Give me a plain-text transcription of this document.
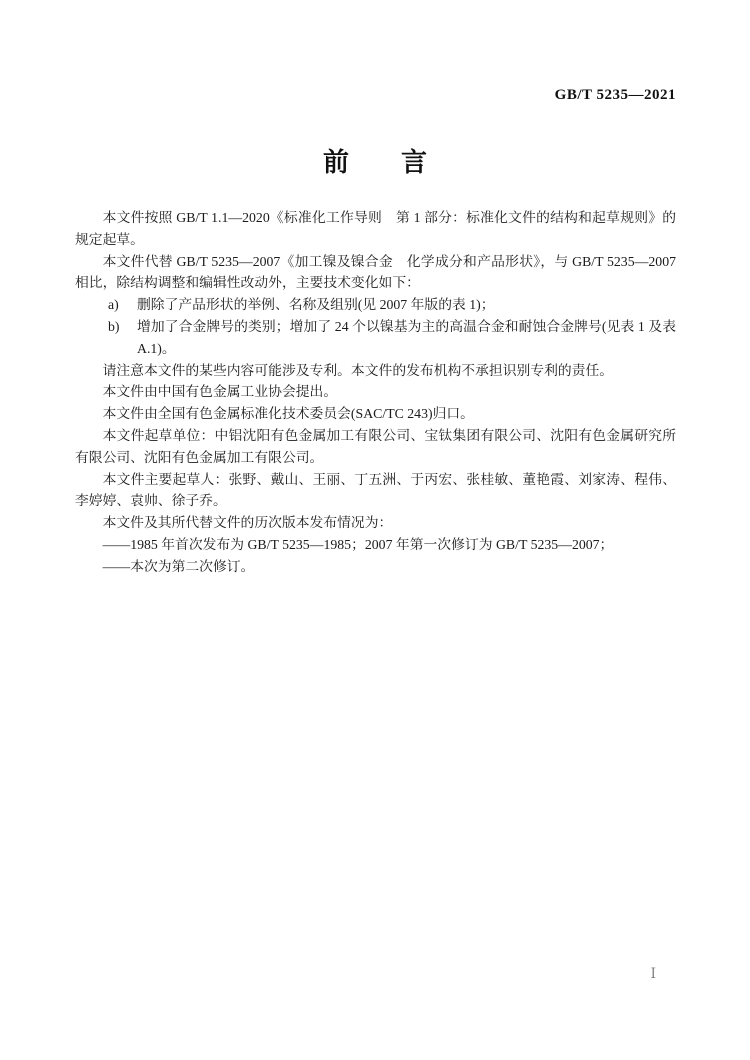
GB/T 5235—2021
前　　言

本文件按照 GB/T 1.1—2020《标准化工作导则　第 1 部分：标准化文件的结构和起草规则》的规定起草。

本文件代替 GB/T 5235—2007《加工镍及镍合金　化学成分和产品形状》，与 GB/T 5235—2007 相比，除结构调整和编辑性改动外，主要技术变化如下：

a) 删除了产品形状的举例、名称及组别(见 2007 年版的表 1)；
b) 增加了合金牌号的类别；增加了 24 个以镍基为主的高温合金和耐蚀合金牌号(见表 1 及表 A.1)。

请注意本文件的某些内容可能涉及专利。本文件的发布机构不承担识别专利的责任。

本文件由中国有色金属工业协会提出。

本文件由全国有色金属标准化技术委员会(SAC/TC 243)归口。

本文件起草单位：中铝沈阳有色金属加工有限公司、宝钛集团有限公司、沈阳有色金属研究所有限公司、沈阳有色金属加工有限公司。

本文件主要起草人：张野、戴山、王丽、丁五洲、于丙宏、张桂敏、董艳霞、刘家涛、程伟、李婷婷、袁帅、徐子乔。

本文件及其所代替文件的历次版本发布情况为：

——1985 年首次发布为 GB/T 5235—1985；2007 年第一次修订为 GB/T 5235—2007；

——本次为第二次修订。

Ⅰ
